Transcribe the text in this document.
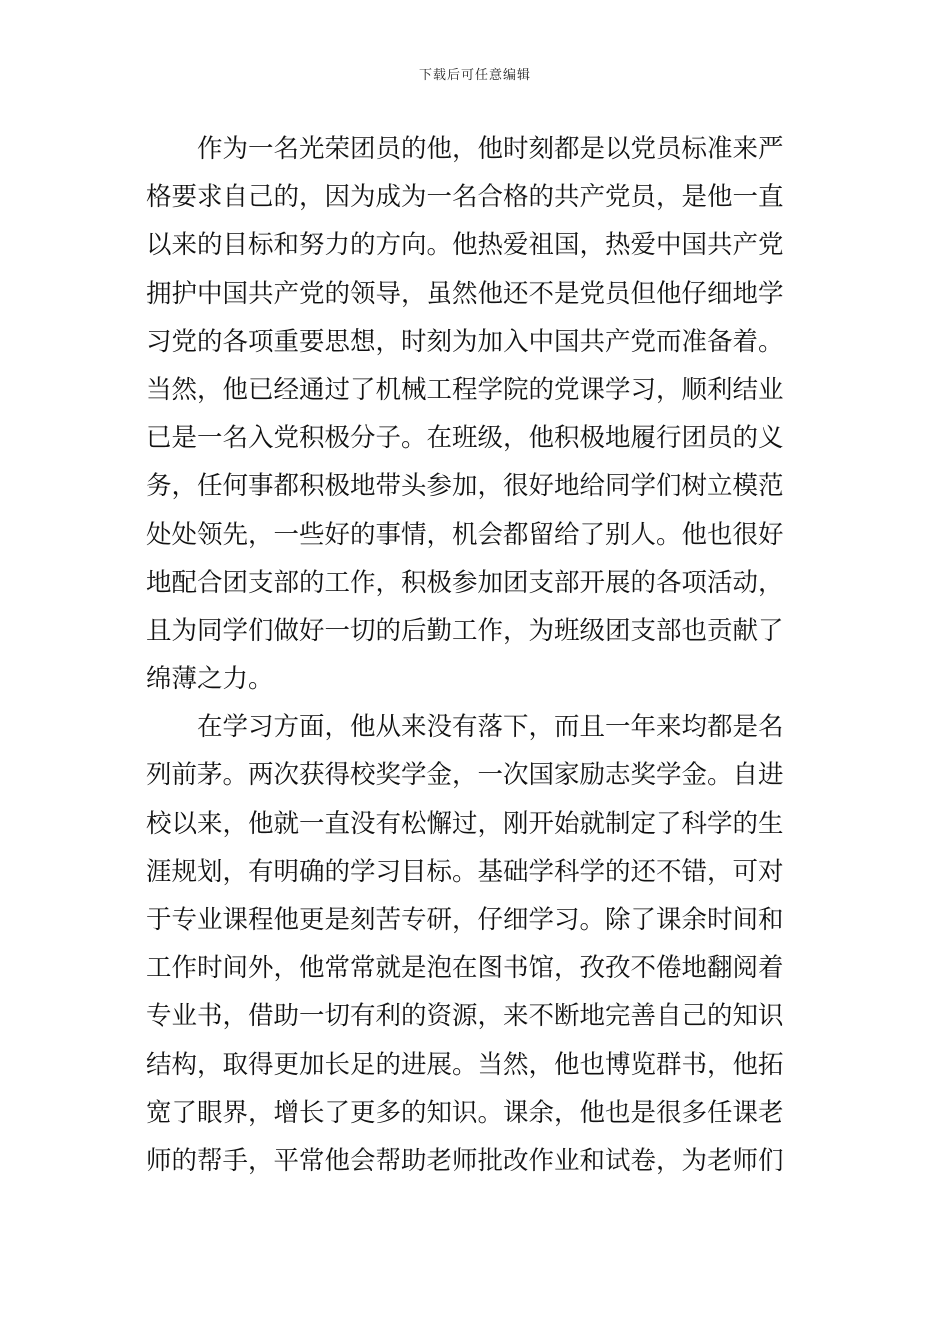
下载后可任意编辑
作为一名光荣团员的他，他时刻都是以党员标准来严
格要求自己的，因为成为一名合格的共产党员，是他一直
以来的目标和努力的方向。他热爱祖国，热爱中国共产党
拥护中国共产党的领导，虽然他还不是党员但他仔细地学
习党的各项重要思想，时刻为加入中国共产党而准备着。
当然，他已经通过了机械工程学院的党课学习，顺利结业
已是一名入党积极分子。在班级，他积极地履行团员的义
务，任何事都积极地带头参加，很好地给同学们树立模范
处处领先，一些好的事情，机会都留给了别人。他也很好
地配合团支部的工作，积极参加团支部开展的各项活动，
且为同学们做好一切的后勤工作，为班级团支部也贡献了
绵薄之力。
在学习方面，他从来没有落下，而且一年来均都是名
列前茅。两次获得校奖学金，一次国家励志奖学金。自进
校以来，他就一直没有松懈过，刚开始就制定了科学的生
涯规划，有明确的学习目标。基础学科学的还不错，可对
于专业课程他更是刻苦专研，仔细学习。除了课余时间和
工作时间外，他常常就是泡在图书馆，孜孜不倦地翻阅着
专业书，借助一切有利的资源，来不断地完善自己的知识
结构，取得更加长足的进展。当然，他也博览群书，他拓
宽了眼界，增长了更多的知识。课余，他也是很多任课老
师的帮手，平常他会帮助老师批改作业和试卷，为老师们
